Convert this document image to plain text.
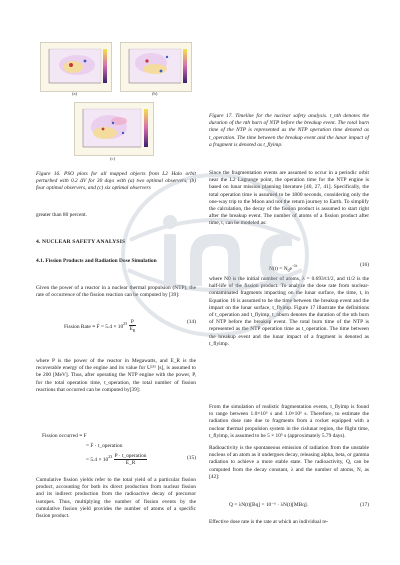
(a)	(b)
(c)
Figure 16. PSO plots for all mapped objects from L2 Halo orbit perturbed with 0.2 ΔV for 30 days with (a) two optimal observers, (b) four optimal observers, and (c) six optimal observers
greater than 80 percent.
4. NUCLEAR SAFETY ANALYSIS
4.1. Fission Products and Radiation Dose Simulation
Given the power of a reactor in a nuclear thermal propulsion (NTP), the rate of occurrence of the fission reaction can be computed by [39]:
Fission Rate ≡ Ḟ = $5.4 \times 10^{23} \frac{P}{E_R}$	(14)
where P is the power of the reactor in Megawatts, and E_R is the recoverable energy of the engine and its value for U²³⁵ [s], is assumed to be 200 [MeV]. Thus, after operating the NTP engine with the power, P, for the total operation time, t_operation, the total number of fission reactions that occurred can be computed by[39]:
Fission occurred ≡ F
= Ḟ · t_operation
= $5.4 \times 10^{23} \frac{\text{P · t\_operation}}{E\_R}$	(15)
Cumulative fission yields refer to the total yield of a particular fission product, accounting for both its direct production from nuclear fission and its indirect production from the radioactive decay of precursor isotopes. Thus, multiplying the number of fission events by the cumulative fission yield provides the number of atoms of a specific fission product.
Figure 17. Timeline for the nuclear safety analysis. t_nth denotes the duration of the nth burn of NTP before the breakup event. The total burn time of the NTP is represented as the NTP operation time denoted as t_operation. The time between the breakup event and the lunar impact of a fragment is denoted as t_flyimp.
Since the fragmentation events are assumed to occur in a periodic orbit near the L2 Lagrange point, the operation time for the NTP engine is based on lunar mission planning literature [40, 27, 41]. Specifically, the total operation time is assumed to be 1800 seconds, considering only the one-way trip to the Moon and not the return journey to Earth. To simplify the calculation, the decay of the fission product is assumed to start right after the breakup event. The number of atoms of a fission product after time, t, can be modeled as:
$N(t) = N_0e^{-\lambda t}$	(16)
where N0 is the initial number of atoms, λ = 0.693/t1/2, and t1/2 is the half-life of the fission product. To analyze the dose rate from nuclear-contaminated fragments impacting on the lunar surface, the time, t, in Equation 16 is assumed to be the time between the breakup event and the impact on the lunar surface, t_flyimp. Figure 17 illustrate the definitions of t_operation and t_flyimp, t_nburn denotes the duration of the nth burn of NTP before the breakup event. The total burn time of the NTP is represented as the NTP operation time as t_operation. The time between the breakup event and the lunar impact of a fragment is denoted as t_flyimp.
From the simulation of realistic fragmentation events, t_flyimp is found to range between 1.0×10⁵ s and 1.0×10⁶ s. Therefore, to estimate the radiation dose rate due to fragments from a rocket equipped with a nuclear thermal propulsion system in the cislunar region, the flight time, t_flyimp, is assumed to be 5 × 10⁵ s (approximately 5.79 days).
Radioactivity is the spontaneous emission of radiation from the unstable nucleus of an atom as it undergoes decay, releasing alpha, beta, or gamma radiation to achieve a more stable state. The radioactivity, Q, can be computed from the decay constant, λ and the number of atoms, N, as [42]:
Q = λN(t)[Bq] = 10⁻⁶ · λN(t)[MBq].	(17)
Effective dose rate is the rate at which an individual re-
